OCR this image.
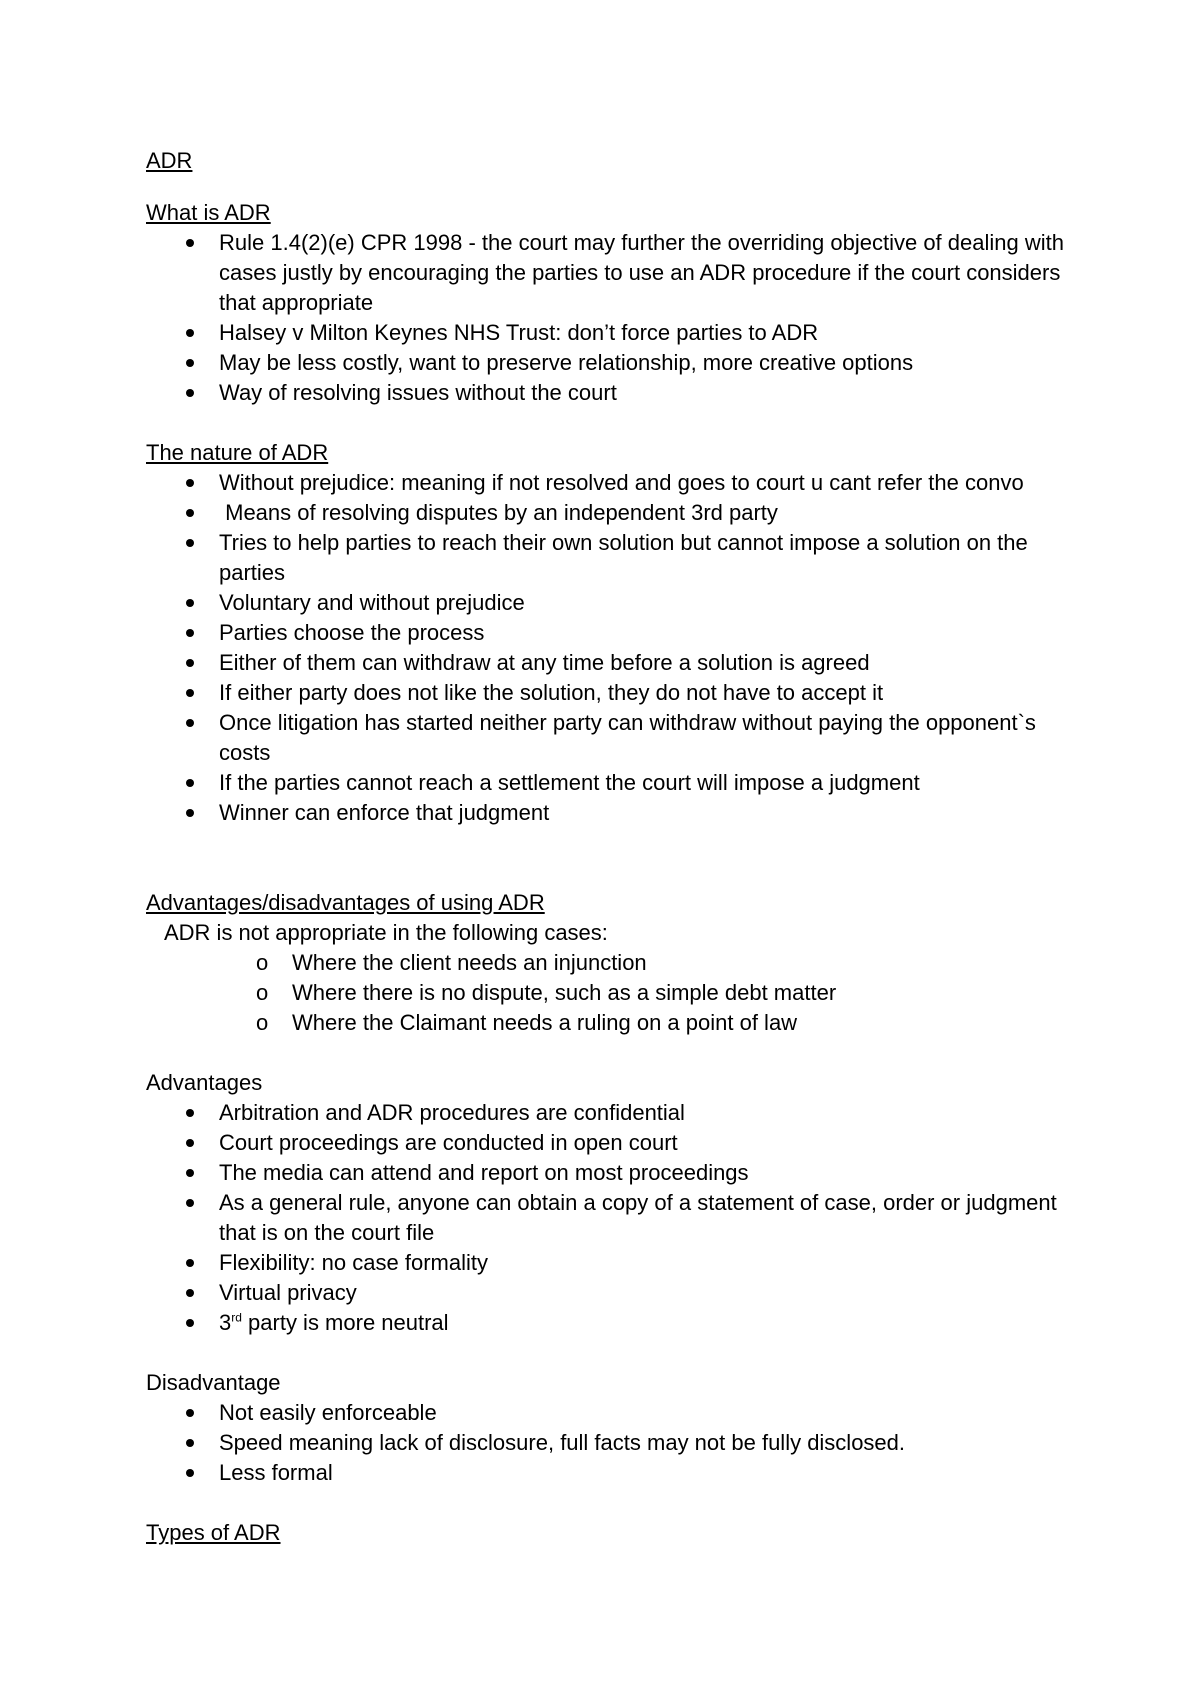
ADR
What is ADR
Rule 1.4(2)(e) CPR 1998 - the court may further the overriding objective of dealing with cases justly by encouraging the parties to use an ADR procedure if the court considers that appropriate
Halsey v Milton Keynes NHS Trust: don’t force parties to ADR
May be less costly, want to preserve relationship, more creative options
Way of resolving issues without the court
The nature of ADR
Without prejudice: meaning if not resolved and goes to court u cant refer the convo
Means of resolving disputes by an independent 3rd party
Tries to help parties to reach their own solution but cannot impose a solution on the parties
Voluntary and without prejudice
Parties choose the process
Either of them can withdraw at any time before a solution is agreed
If either party does not like the solution, they do not have to accept it
Once litigation has started neither party can withdraw without paying the opponent`s costs
If the parties cannot reach a settlement the court will impose a judgment
Winner can enforce that judgment
Advantages/disadvantages of using ADR
ADR is not appropriate in the following cases:
o Where the client needs an injunction
o Where there is no dispute, such as a simple debt matter
o Where the Claimant needs a ruling on a point of law
Advantages
Arbitration and ADR procedures are confidential
Court proceedings are conducted in open court
The media can attend and report on most proceedings
As a general rule, anyone can obtain a copy of a statement of case, order or judgment that is on the court file
Flexibility: no case formality
Virtual privacy
3rd party is more neutral
Disadvantage
Not easily enforceable
Speed meaning lack of disclosure, full facts may not be fully disclosed.
Less formal
Types of ADR
